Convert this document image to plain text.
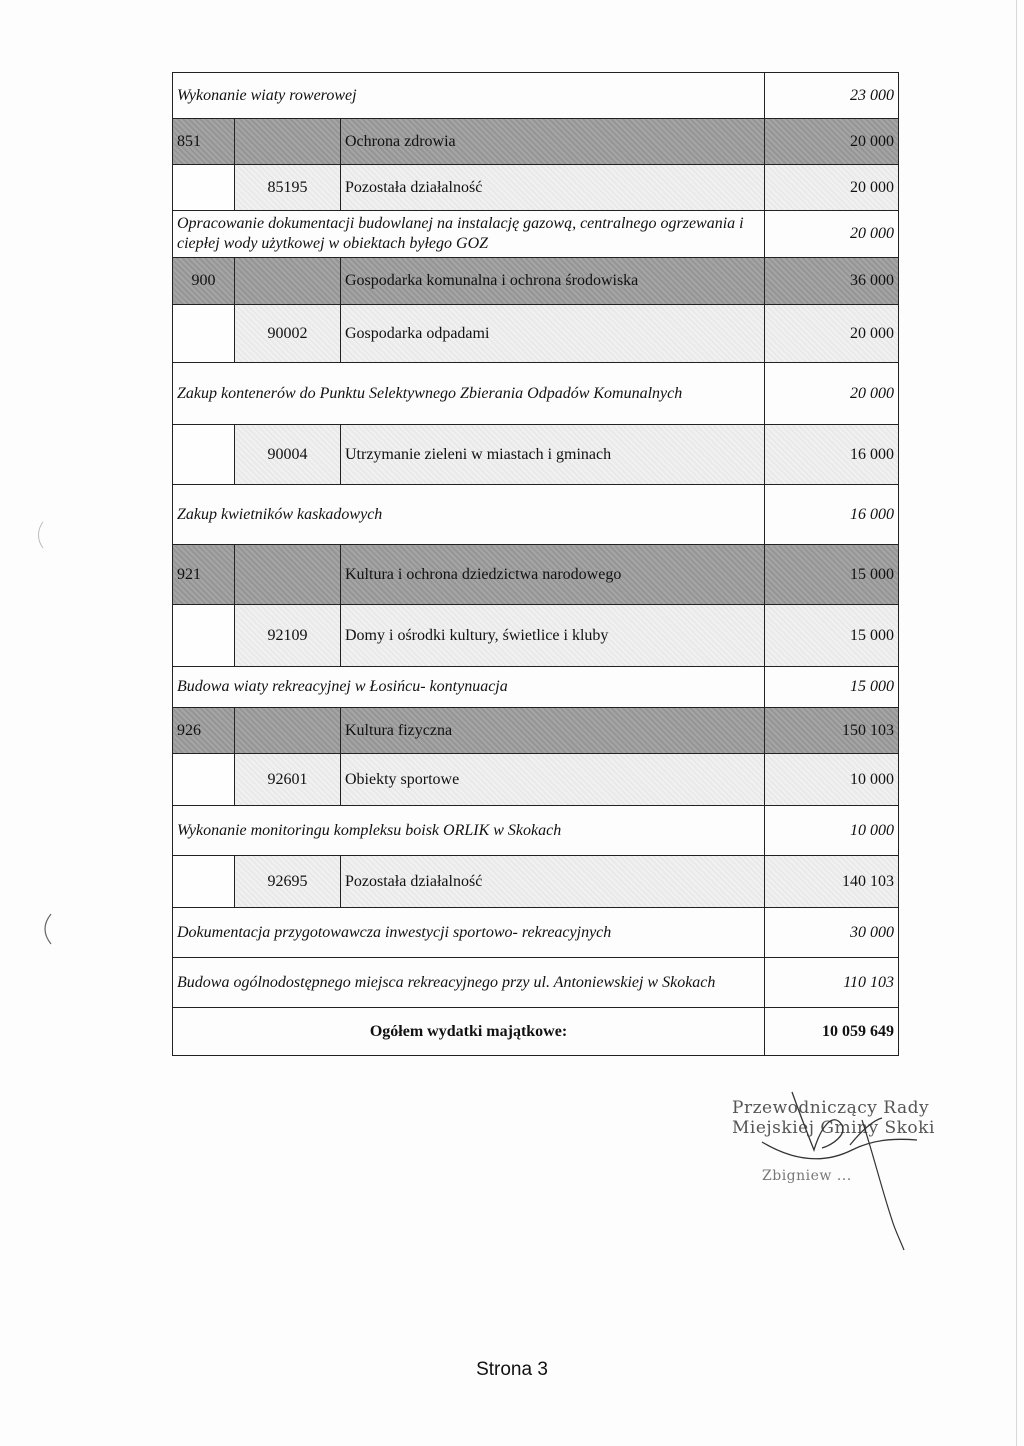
Wykonanie wiaty rowerowej			23 000
851		Ochrona zdrowia	20 000
	85195	Pozostała działalność	20 000
Opracowanie dokumentacji budowlanej na instalację gazową, centralnego ogrzewania i ciepłej wody użytkowej w obiektach byłego GOZ			20 000
900		Gospodarka komunalna i ochrona środowiska	36 000
	90002	Gospodarka odpadami	20 000
Zakup kontenerów do Punktu Selektywnego Zbierania Odpadów Komunalnych			20 000
	90004	Utrzymanie zieleni w miastach i gminach	16 000
Zakup kwietników kaskadowych			16 000
921		Kultura i ochrona dziedzictwa narodowego	15 000
	92109	Domy i ośrodki kultury, świetlice i kluby	15 000
Budowa wiaty rekreacyjnej w Łosińcu- kontynuacja			15 000
926		Kultura fizyczna	150 103
	92601	Obiekty sportowe	10 000
Wykonanie monitoringu kompleksu boisk ORLIK w Skokach			10 000
	92695	Pozostała działalność	140 103
Dokumentacja przygotowawcza inwestycji sportowo- rekreacyjnych			30 000
Budowa ogólnodostępnego miejsca rekreacyjnego przy ul. Antoniewskiej w Skokach			110 103
Ogółem wydatki majątkowe:			10 059 649
Przewodniczący Rady
Miejskiej Gminy Skoki
Zbigniew ...
Strona 3
